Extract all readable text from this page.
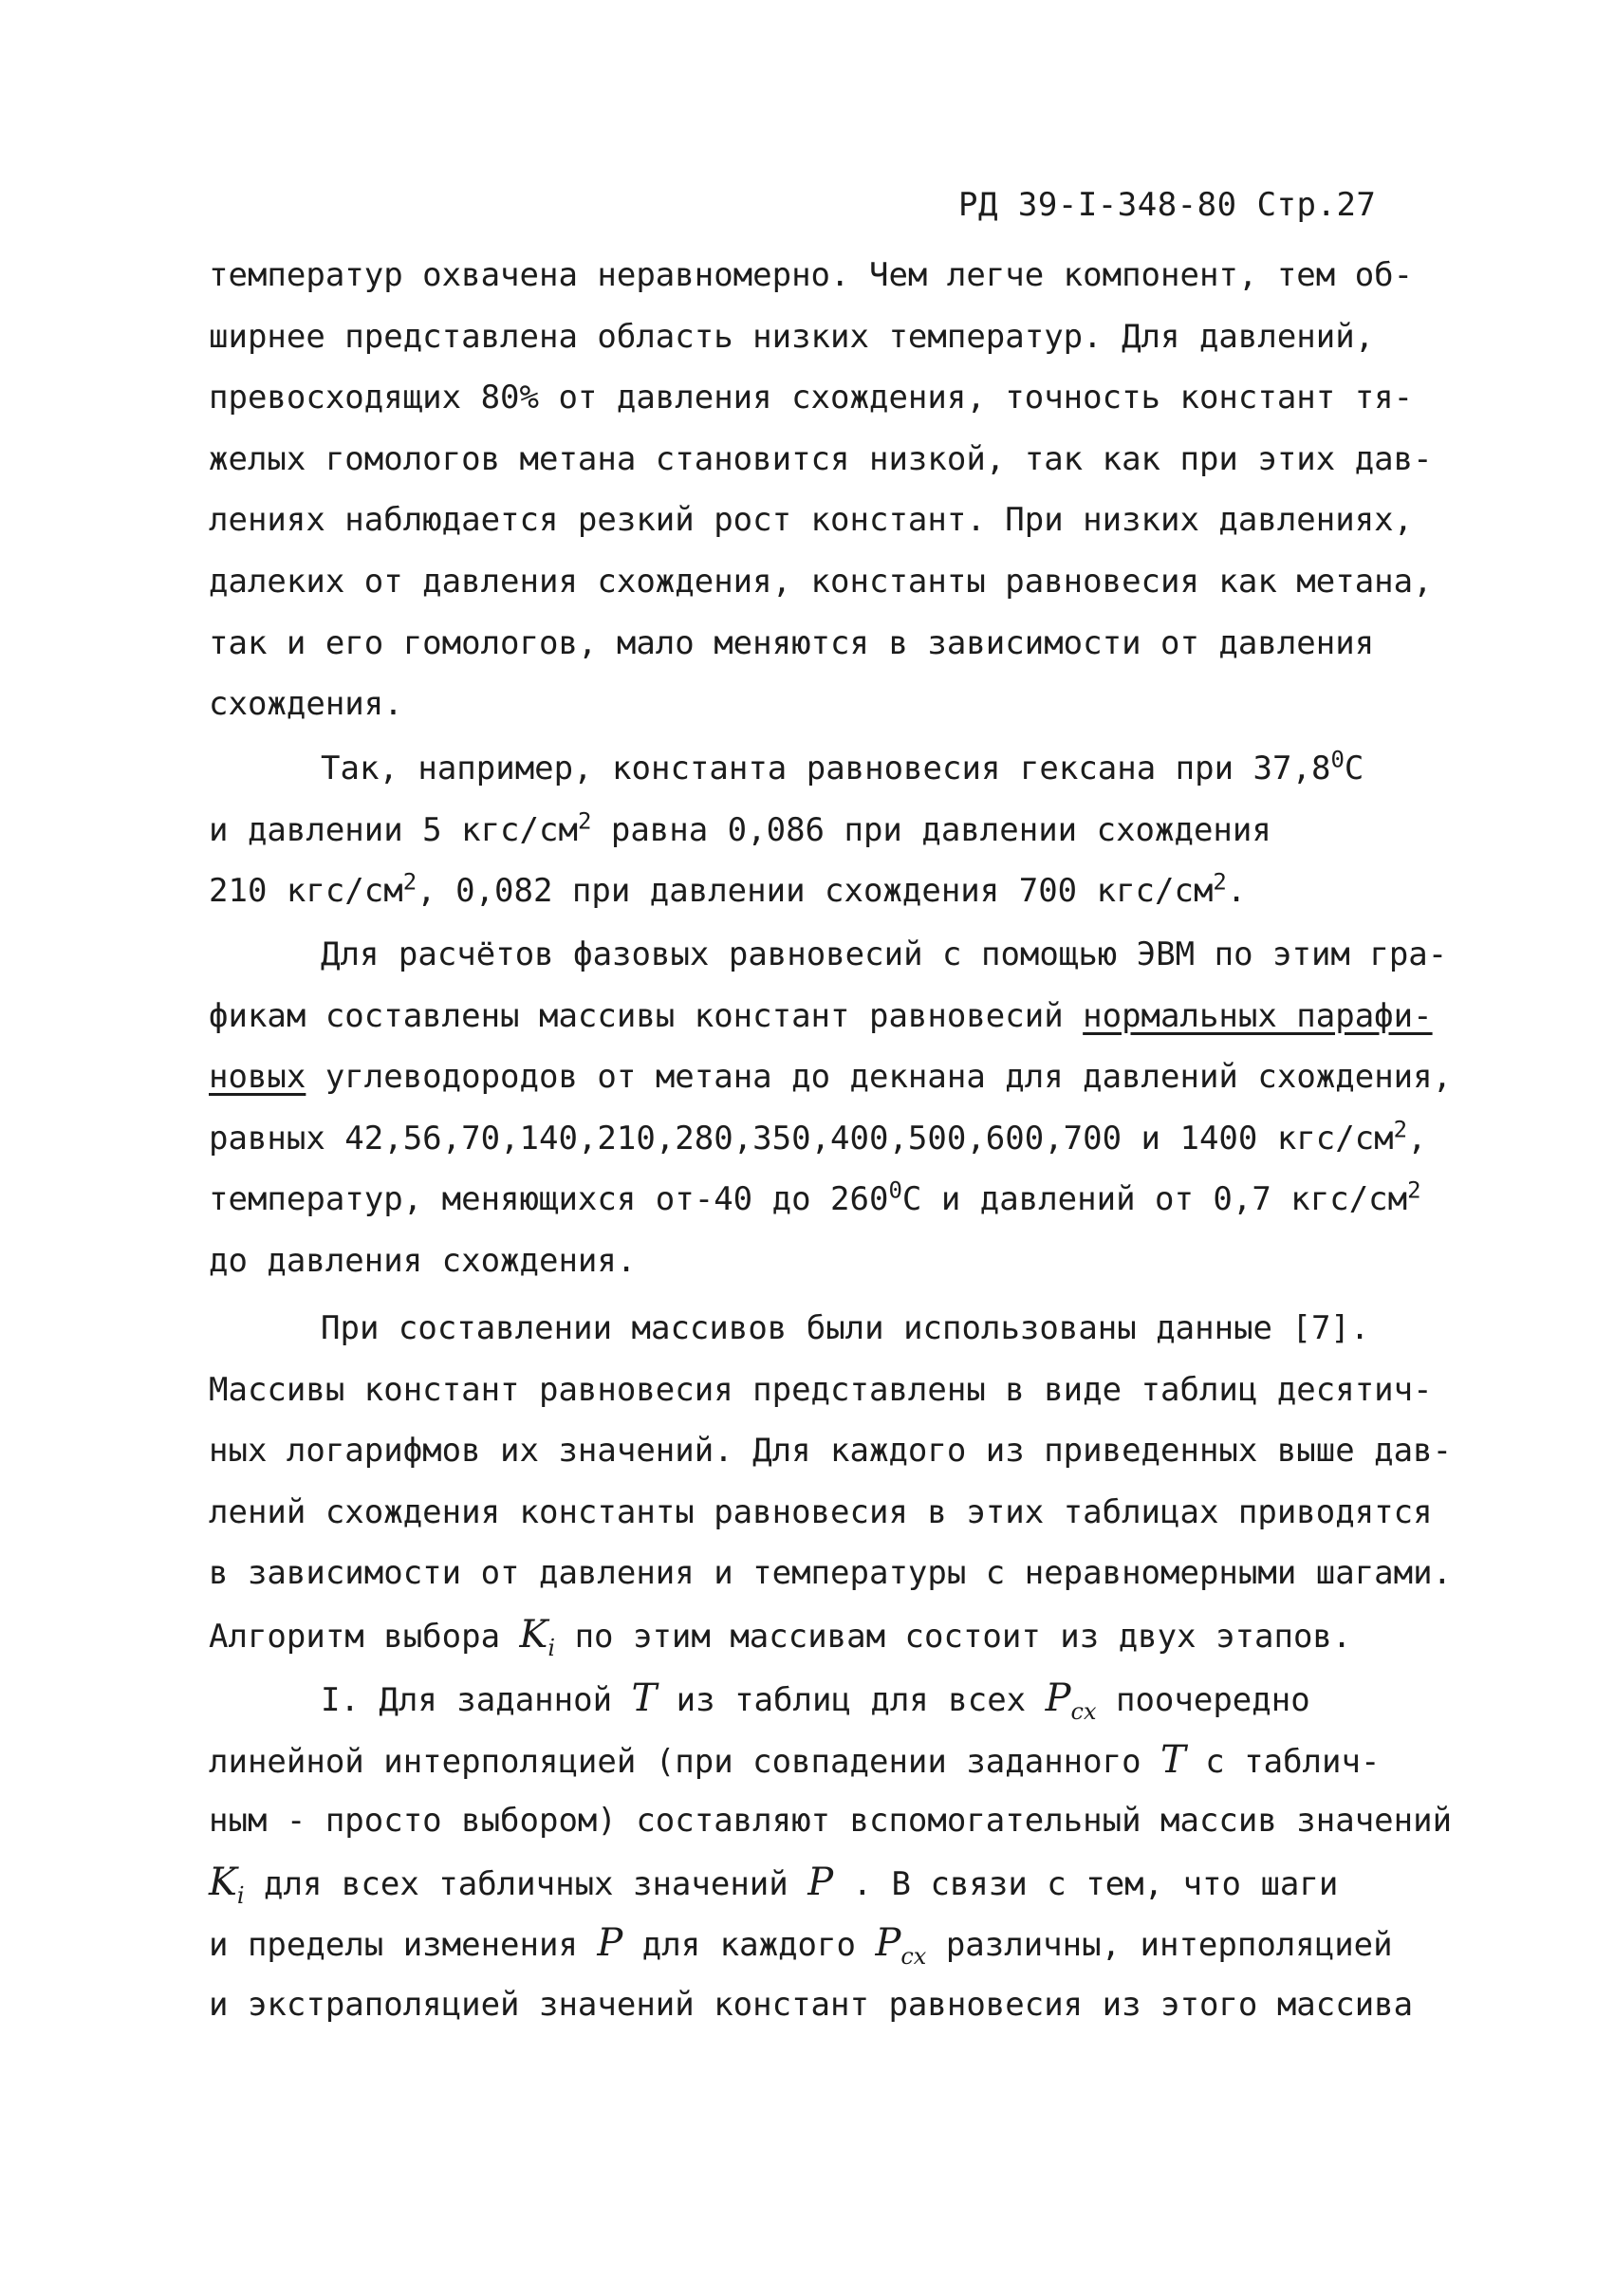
РД 39-I-348-80 Стр.27
температур охвачена неравномерно. Чем легче компонент, тем об-
ширнее представлена область низких температур. Для давлений,
превосходящих 80% от давления схождения, точность констант тя-
желых гомологов метана становится низкой, так как при этих дав-
лениях наблюдается резкий рост констант. При низких давлениях,
далеких от давления схождения, константы равновесия как метана,
так и его гомологов, мало меняются в зависимости от давления
схождения.
Так, например, константа равновесия гексана при 37,8$^0$С
и давлении 5 кгс/$см^2$ равна 0,086 при давлении схождения
210 кгс/$см^2$, 0,082 при давлении схождения 700 кгс/$см^2$.
Для расчётов фазовых равновесий с помощью ЭВМ по этим гра-
фикам составлены массивы констант равновесий нормальных парафи-
новых углеводородов от метана до декнана для давлений схождения,
равных 42,56,70,140,210,280,350,400,500,600,700 и 1400 кгс/$см^2$,
температур, меняющихся от-40 до $260^0С$ и давлений от 0,7 кгс/$см^2$
до давления схождения.
При составлении массивов были использованы данные [7].
Массивы констант равновесия представлены в виде таблиц десятич-
ных логарифмов их значений. Для каждого из приведенных выше дав-
лений схождения константы равновесия в этих таблицах приводятся
в зависимости от давления и температуры с неравномерными шагами.
Алгоритм выбора $K_i$ по этим массивам состоит из двух этапов.
I. Для заданной T из таблиц для всех $P_{сх}$ поочередно
линейной интерполяцией (при совпадении заданного T с таблич-
ным - просто выбором) составляют вспомогательный массив значений
$K_i$ для всех табличных значений P . В связи с тем, что шаги
и пределы изменения P для каждого $P_{сх}$ различны, интерполяцией
и экстраполяцией значений констант равновесия из этого массива
